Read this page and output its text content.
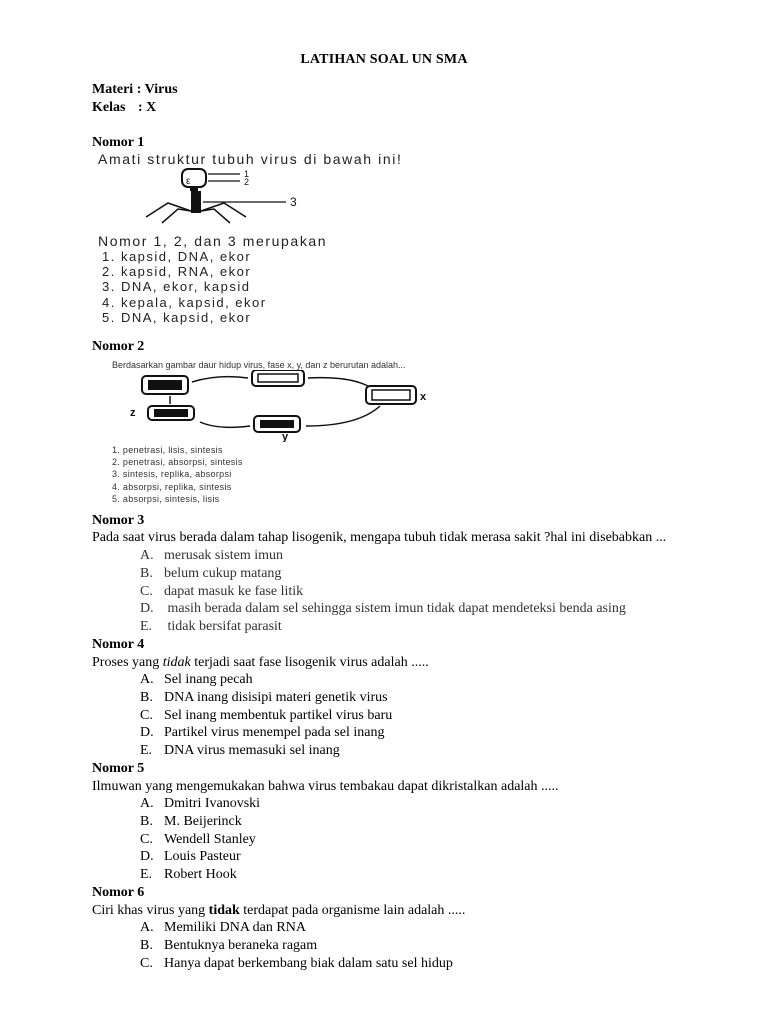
LATIHAN SOAL UN SMA
Materi : Virus
Kelas : X
Nomor 1
Amati struktur tubuh virus di bawah ini!
ε
1
2
3
Nomor 1, 2, dan 3 merupakan
1. kapsid, DNA, ekor
2. kapsid, RNA, ekor
3. DNA, ekor, kapsid
4. kepala, kapsid, ekor
5. DNA, kapsid, ekor
Nomor 2
Berdasarkan gambar daur hidup virus, fase x, y, dan z berurutan adalah...
x
y
z
1. penetrasi, lisis, sintesis
2. penetrasi, absorpsi, sintesis
3. sintesis, replika, absorpsi
4. absorpsi, replika, sintesis
5. absorpsi, sintesis, lisis
Nomor 3
Pada saat virus berada dalam tahap lisogenik, mengapa tubuh tidak merasa sakit ?hal ini disebabkan ...
A. merusak sistem imun
B. belum cukup matang
C. dapat masuk ke fase litik
D. masih berada dalam sel sehingga sistem imun tidak dapat mendeteksi benda asing
E. tidak bersifat parasit
Nomor 4
Proses yang tidak terjadi saat fase lisogenik virus adalah .....
A. Sel inang pecah
B. DNA inang disisipi materi genetik virus
C. Sel inang membentuk partikel virus baru
D. Partikel virus menempel pada sel inang
E. DNA virus memasuki sel inang
Nomor 5
Ilmuwan yang mengemukakan bahwa virus tembakau dapat dikristalkan adalah .....
A. Dmitri Ivanovski
B. M. Beijerinck
C. Wendell Stanley
D. Louis Pasteur
E. Robert Hook
Nomor 6
Ciri khas virus yang tidak terdapat pada organisme lain adalah .....
A. Memiliki DNA dan RNA
B. Bentuknya beraneka ragam
C. Hanya dapat berkembang biak dalam satu sel hidup
